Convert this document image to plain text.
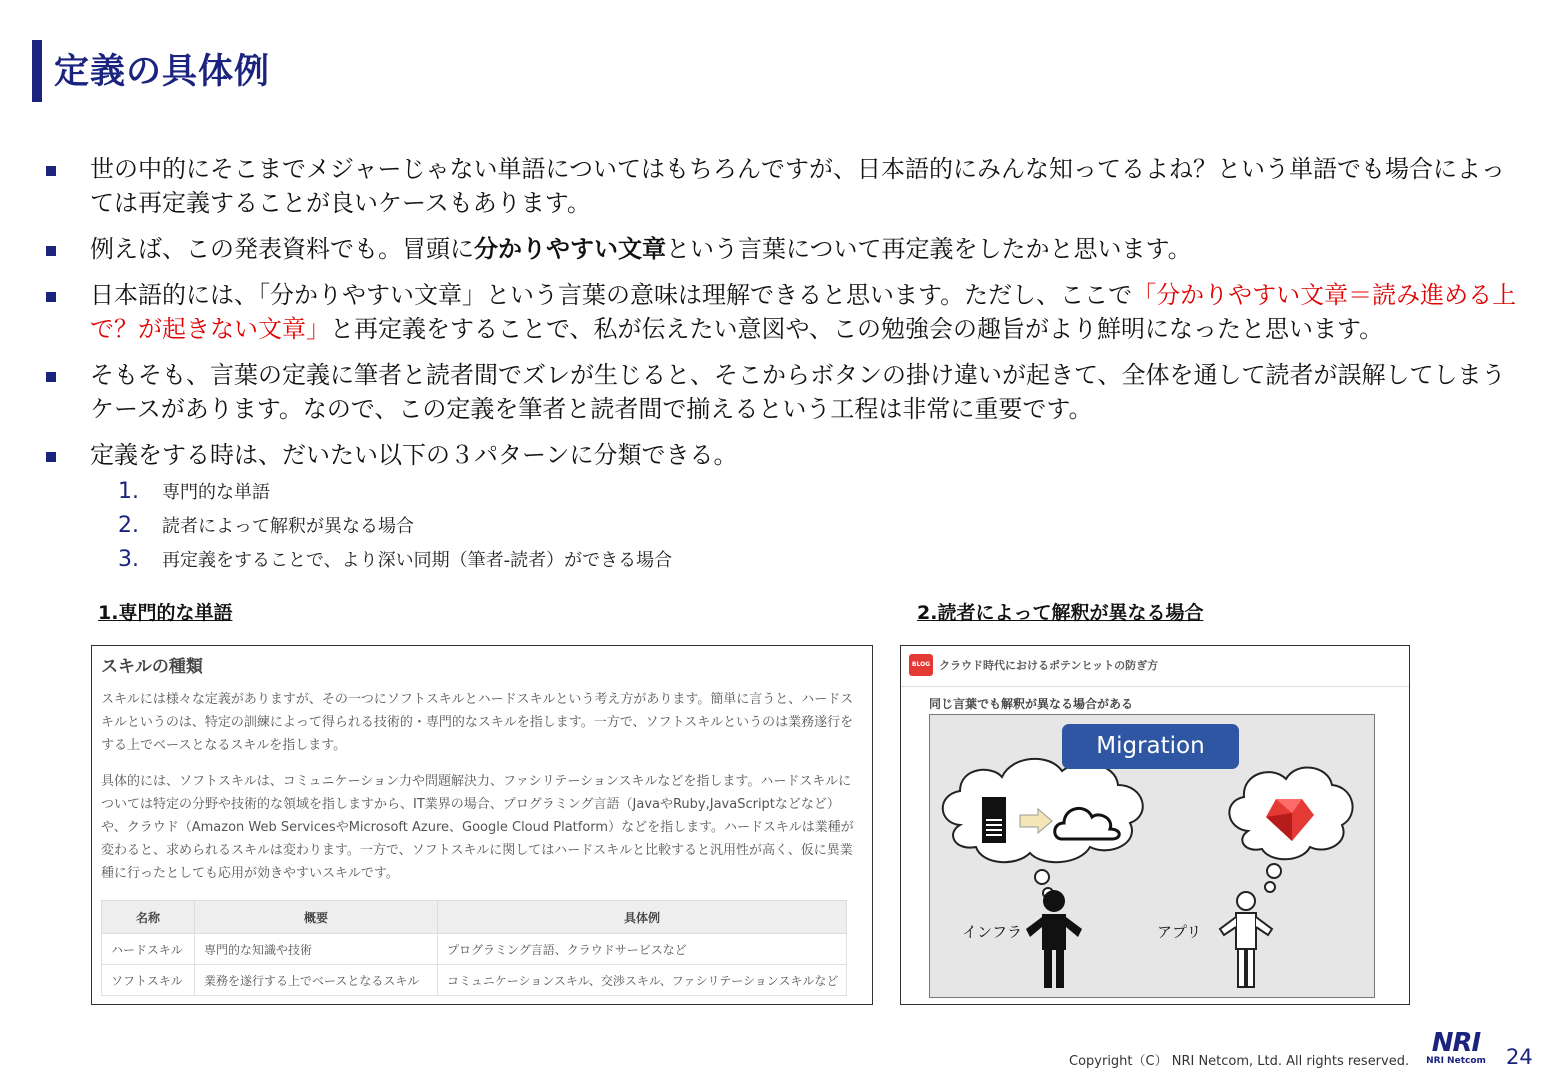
定義の具体例
世の中的にそこまでメジャーじゃない単語についてはもちろんですが、日本語的にみんな知ってるよね？という単語でも場合によっては再定義することが良いケースもあります。
例えば、この発表資料でも。冒頭に分かりやすい文章という言葉について再定義をしたかと思います。
日本語的には、「分かりやすい文章」という言葉の意味は理解できると思います。ただし、ここで「分かりやすい文章＝読み進める上で？が起きない文章」と再定義をすることで、私が伝えたい意図や、この勉強会の趣旨がより鮮明になったと思います。
そもそも、言葉の定義に筆者と読者間でズレが生じると、そこからボタンの掛け違いが起きて、全体を通して読者が誤解してしまうケースがあります。なので、この定義を筆者と読者間で揃えるという工程は非常に重要です。
定義をする時は、だいたい以下の３パターンに分類できる。
1.	専門的な単語
2.	読者によって解釈が異なる場合
3.	再定義をすることで、より深い同期（筆者-読者）ができる場合
1.専門的な単語	2.読者によって解釈が異なる場合
スキルの種類
スキルには様々な定義がありますが、その一つにソフトスキルとハードスキルという考え方があります。簡単に言うと、ハードスキルというのは、特定の訓練によって得られる技術的・専門的なスキルを指します。一方で、ソフトスキルというのは業務遂行をする上でベースとなるスキルを指します。
具体的には、ソフトスキルは、コミュニケーション力や問題解決力、ファシリテーションスキルなどを指します。ハードスキルについては特定の分野や技術的な領域を指しますから、IT業界の場合、プログラミング言語（JavaやRuby,JavaScriptなどなど）や、クラウド（Amazon Web ServicesやMicrosoft Azure、Google Cloud Platform）などを指します。ハードスキルは業種が変わると、求められるスキルは変わります。一方で、ソフトスキルに関してはハードスキルと比較すると汎用性が高く、仮に異業種に行ったとしても応用が効きやすいスキルです。
名称	概要	具体例
ハードスキル	専門的な知識や技術	プログラミング言語、クラウドサービスなど
ソフトスキル	業務を遂行する上でベースとなるスキル	コミュニケーションスキル、交渉スキル、ファシリテーションスキルなど
BLOG クラウド時代におけるポテンヒットの防ぎ方
同じ言葉でも解釈が異なる場合がある
Migration
インフラ	アプリ
Copyright（C） NRI Netcom, Ltd. All rights reserved.
NRI
NRI Netcom 24
